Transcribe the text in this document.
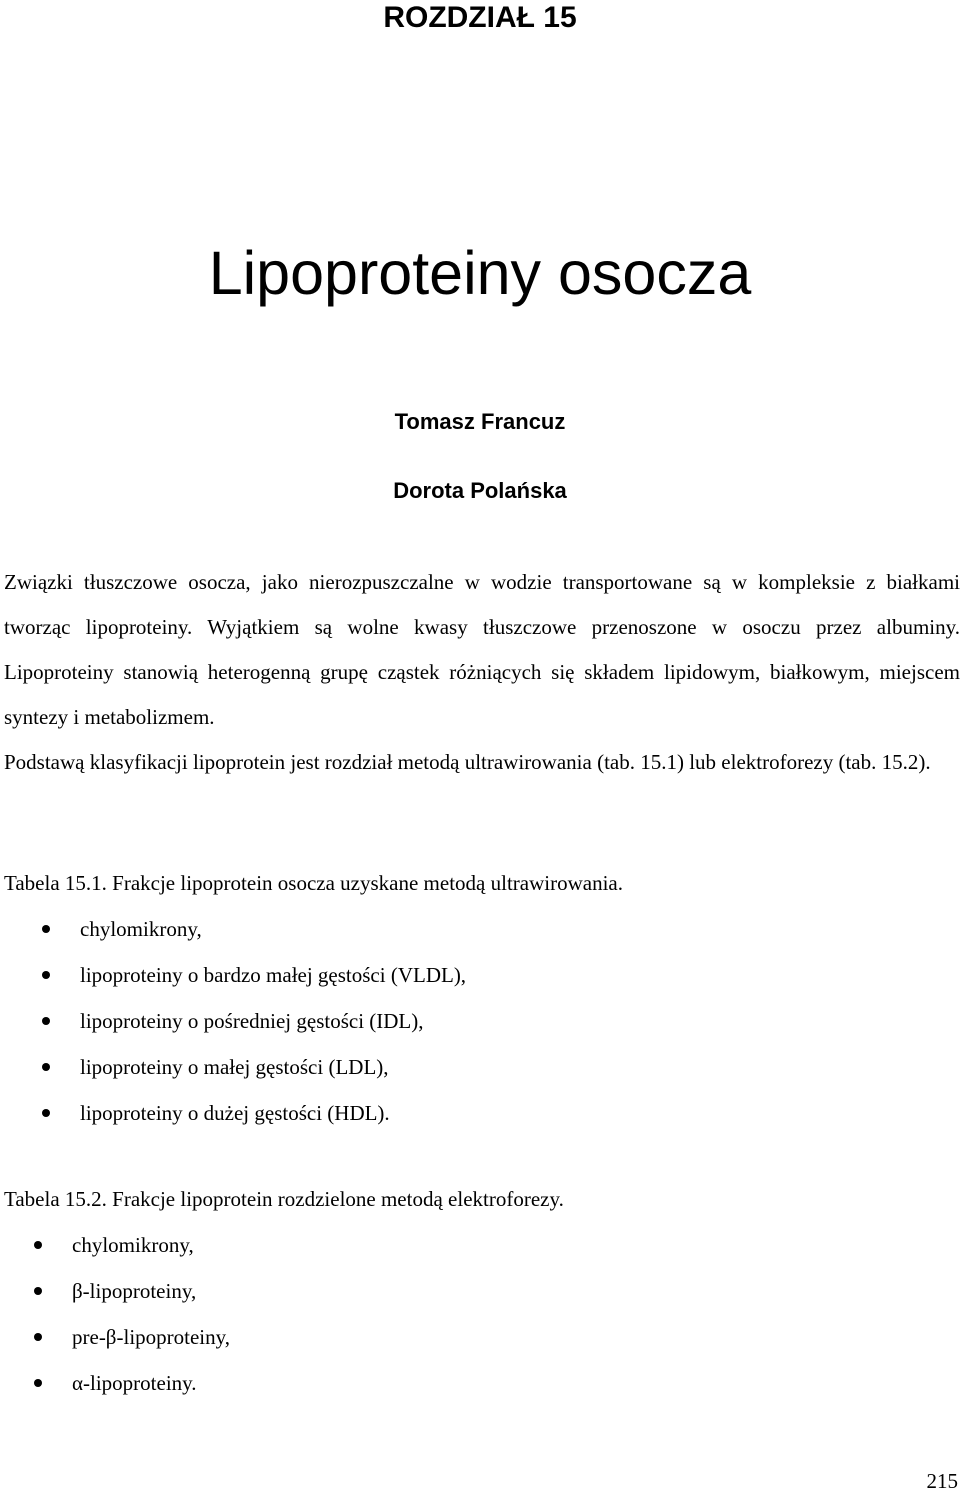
ROZDZIAŁ 15
Lipoproteiny osocza
Tomasz Francuz
Dorota Polańska

Związki tłuszczowe osocza, jako nierozpuszczalne w wodzie transportowane są w kompleksie z białkami tworząc lipoproteiny. Wyjątkiem są wolne kwasy tłuszczowe przenoszone w osoczu przez albuminy. Lipoproteiny stanowią heterogenną grupę cząstek różniących się składem lipidowym, białkowym, miejscem syntezy i metabolizmem.

Podstawą klasyfikacji lipoprotein jest rozdział metodą ultrawirowania (tab. 15.1) lub elektroforezy (tab. 15.2).

Tabela 15.1. Frakcje lipoprotein osocza uzyskane metodą ultrawirowania.

chylomikrony,
lipoproteiny o bardzo małej gęstości (VLDL),
lipoproteiny o pośredniej gęstości (IDL),
lipoproteiny o małej gęstości (LDL),
lipoproteiny o dużej gęstości (HDL).

Tabela 15.2. Frakcje lipoprotein rozdzielone metodą elektroforezy.

chylomikrony,
β-lipoproteiny,
pre-β-lipoproteiny,
α-lipoproteiny.
215
